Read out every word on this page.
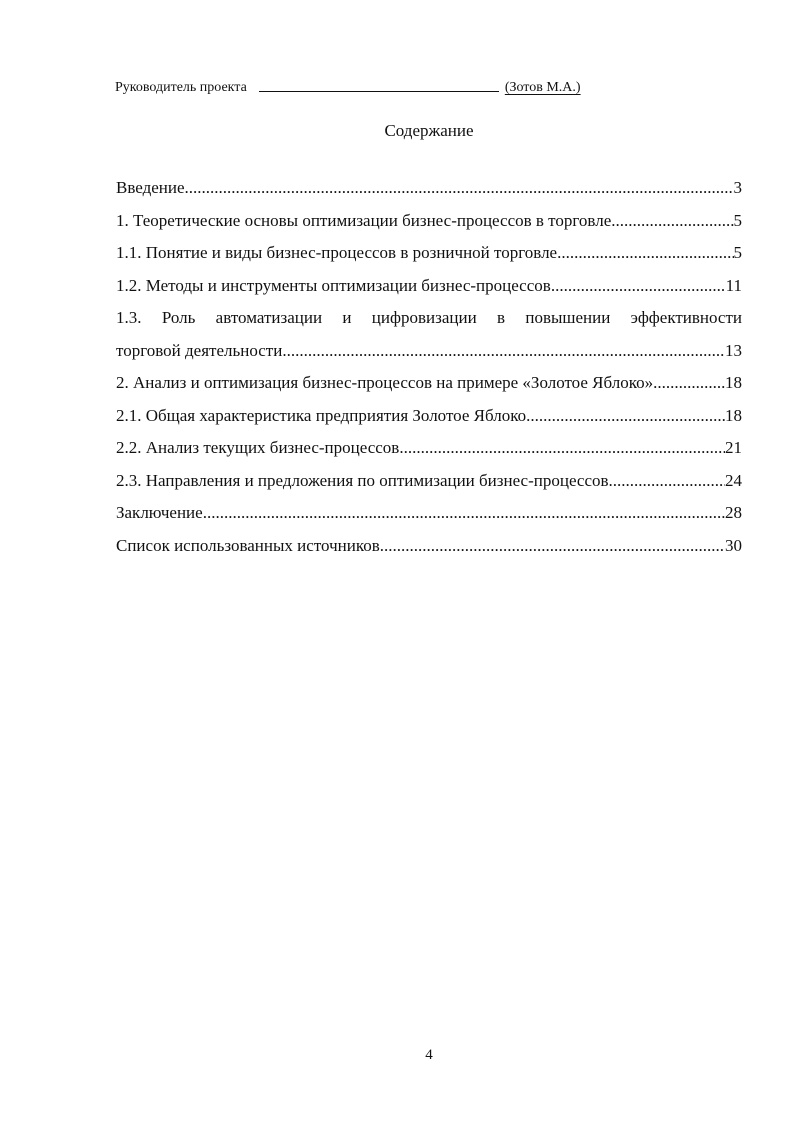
Руководитель проекта	(Зотов М.А.)
Содержание
Введение .....	3
1. Теоретические основы оптимизации бизнес-процессов в торговле .....	5
1.1. Понятие и виды бизнес-процессов в розничной торговле .....	5
1.2. Методы и инструменты оптимизации бизнес-процессов .....	11
1.3. Роль автоматизации и цифровизации в повышении эффективности
торговой деятельности .....	13
2. Анализ и оптимизация бизнес-процессов на примере «Золотое Яблоко» .....	18
2.1. Общая характеристика предприятия Золотое Яблоко .....	18
2.2. Анализ текущих бизнес-процессов .....	21
2.3. Направления и предложения по оптимизации бизнес-процессов .....	24
Заключение .....	28
Список использованных источников .....	30
4
